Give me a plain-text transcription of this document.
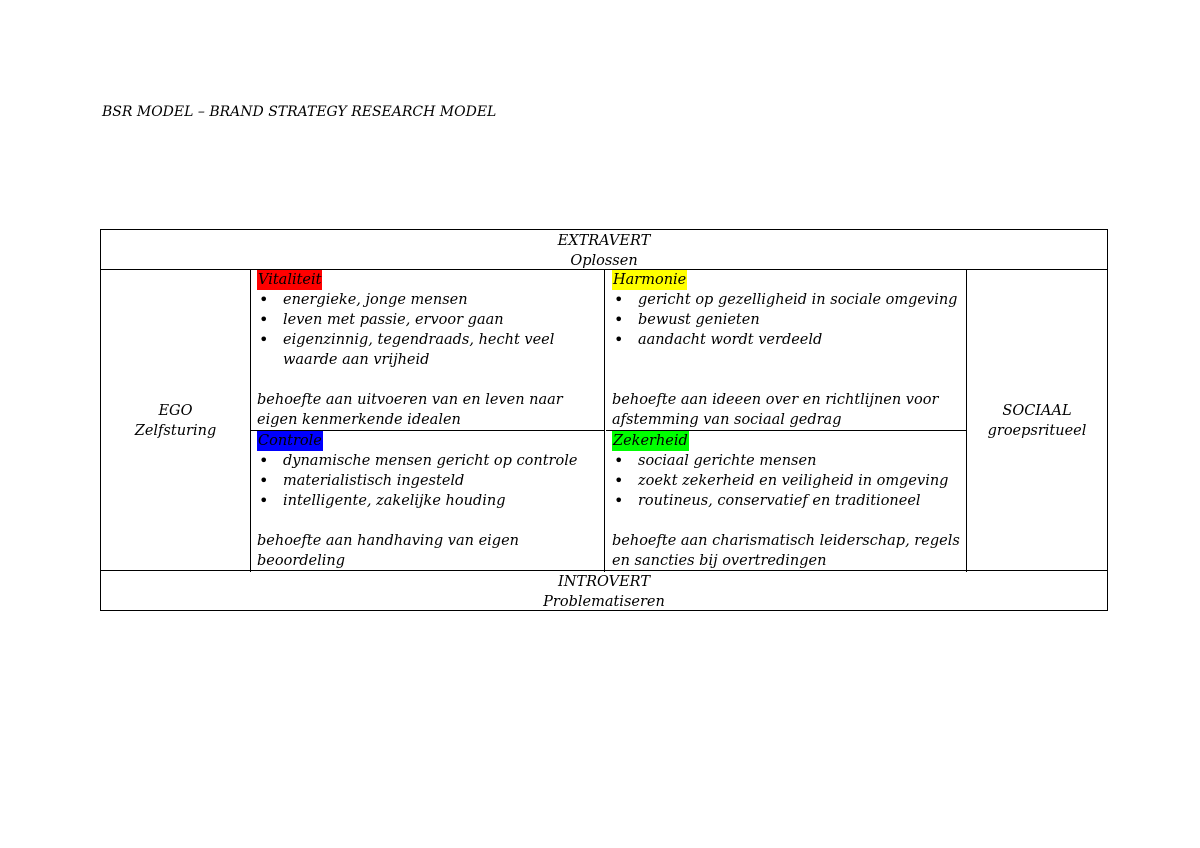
BSR MODEL – BRAND STRATEGY RESEARCH MODEL
EXTRAVERT
Oplossen
EGO
Zelfsturing
Vitaliteit
• energieke, jonge mensen
• leven met passie, ervoor gaan
• eigenzinnig, tegendraads, hecht veel waarde aan vrijheid
behoefte aan uitvoeren van en leven naar eigen kenmerkende idealen
Harmonie
• gericht op gezelligheid in sociale omgeving
• bewust genieten
• aandacht wordt verdeeld
behoefte aan ideeen over en richtlijnen voor afstemming van sociaal gedrag
Controle
• dynamische mensen gericht op controle
• materialistisch ingesteld
• intelligente, zakelijke houding
behoefte aan handhaving van eigen beoordeling
Zekerheid
• sociaal gerichte mensen
• zoekt zekerheid en veiligheid in omgeving
• routineus, conservatief en traditioneel
behoefte aan charismatisch leiderschap, regels en sancties bij overtredingen
SOCIAAL
groepsritueel
INTROVERT
Problematiseren
